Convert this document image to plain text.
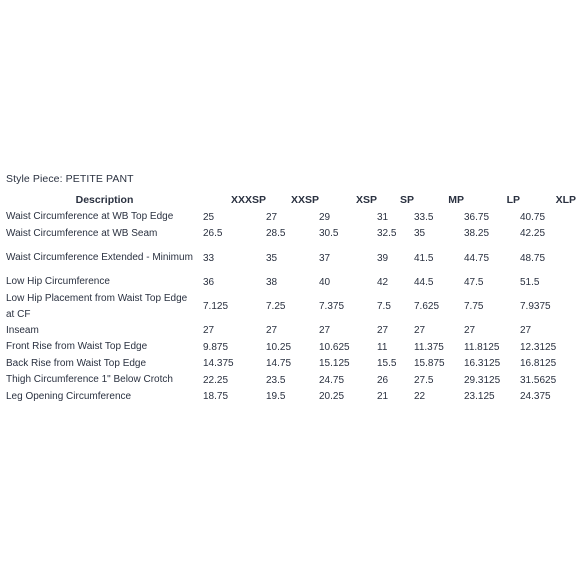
Style Piece: PETITE PANT
Description	XXXSP	XXSP	XSP	SP	MP	LP	XLP
Waist Circumference at WB Top Edge	25	27	29	31	33.5	36.75	40.75
Waist Circumference at WB Seam	26.5	28.5	30.5	32.5	35	38.25	42.25
Waist Circumference Extended - Minimum	33	35	37	39	41.5	44.75	48.75
Low Hip Circumference	36	38	40	42	44.5	47.5	51.5
Low Hip Placement from Waist Top Edge at CF	7.125	7.25	7.375	7.5	7.625	7.75	7.9375
Inseam	27	27	27	27	27	27	27
Front Rise from Waist Top Edge	9.875	10.25	10.625	11	11.375	11.8125	12.3125
Back Rise from Waist Top Edge	14.375	14.75	15.125	15.5	15.875	16.3125	16.8125
Thigh Circumference 1" Below Crotch	22.25	23.5	24.75	26	27.5	29.3125	31.5625
Leg Opening Circumference	18.75	19.5	20.25	21	22	23.125	24.375
